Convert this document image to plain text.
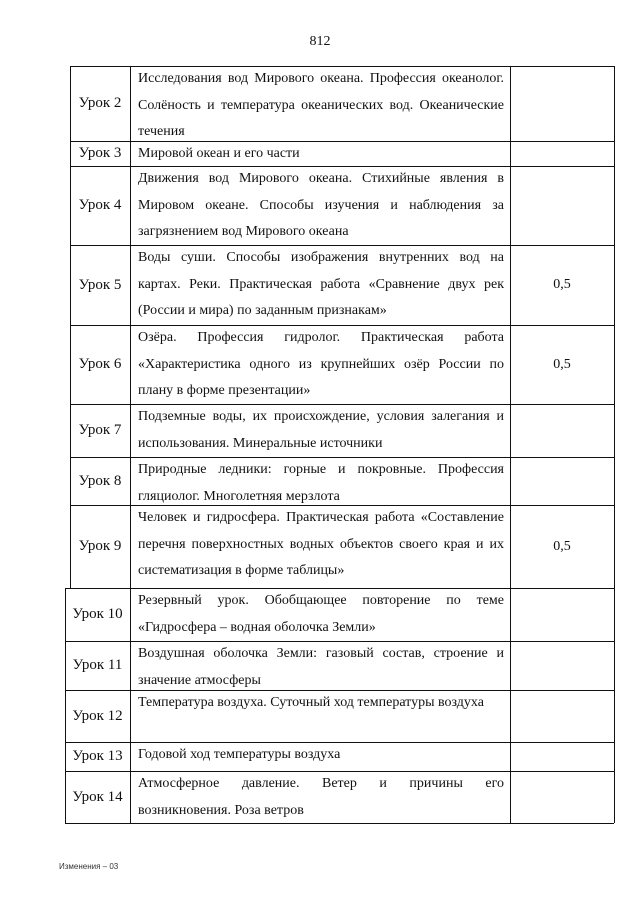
812
Урок 2
Исследования вод Мирового океана. Профессия океанолог. Солёность и температура океанических вод. Океанические течения
Урок 3	Мировой океан и его части
Урок 4
Движения вод Мирового океана. Стихийные явления в Мировом океане. Способы изучения и наблюдения за загрязнением вод Мирового океана
Урок 5
Воды суши. Способы изображения внутренних вод на картах. Реки. Практическая работа «Сравнение двух рек (России и мира) по заданным признакам»
0,5
Урок 6
Озёра. Профессия гидролог. Практическая работа «Характеристика одного из крупнейших озёр России по плану в форме презентации»
0,5
Урок 7
Подземные воды, их происхождение, условия залегания и использования. Минеральные источники
Урок 8
Природные ледники: горные и покровные. Профессия гляциолог. Многолетняя мерзлота
Урок 9
Человек и гидросфера. Практическая работа «Составление перечня поверхностных водных объектов своего края и их систематизация в форме таблицы»
0,5
Урок 10
Резервный урок. Обобщающее повторение по теме «Гидросфера – водная оболочка Земли»
Урок 11
Воздушная оболочка Земли: газовый состав, строение и значение атмосферы
Урок 12
Температура воздуха. Суточный ход температуры воздуха
Урок 13	Годовой ход температуры воздуха
Урок 14
Атмосферное давление. Ветер и причины его возникновения. Роза ветров
Изменения – 03
